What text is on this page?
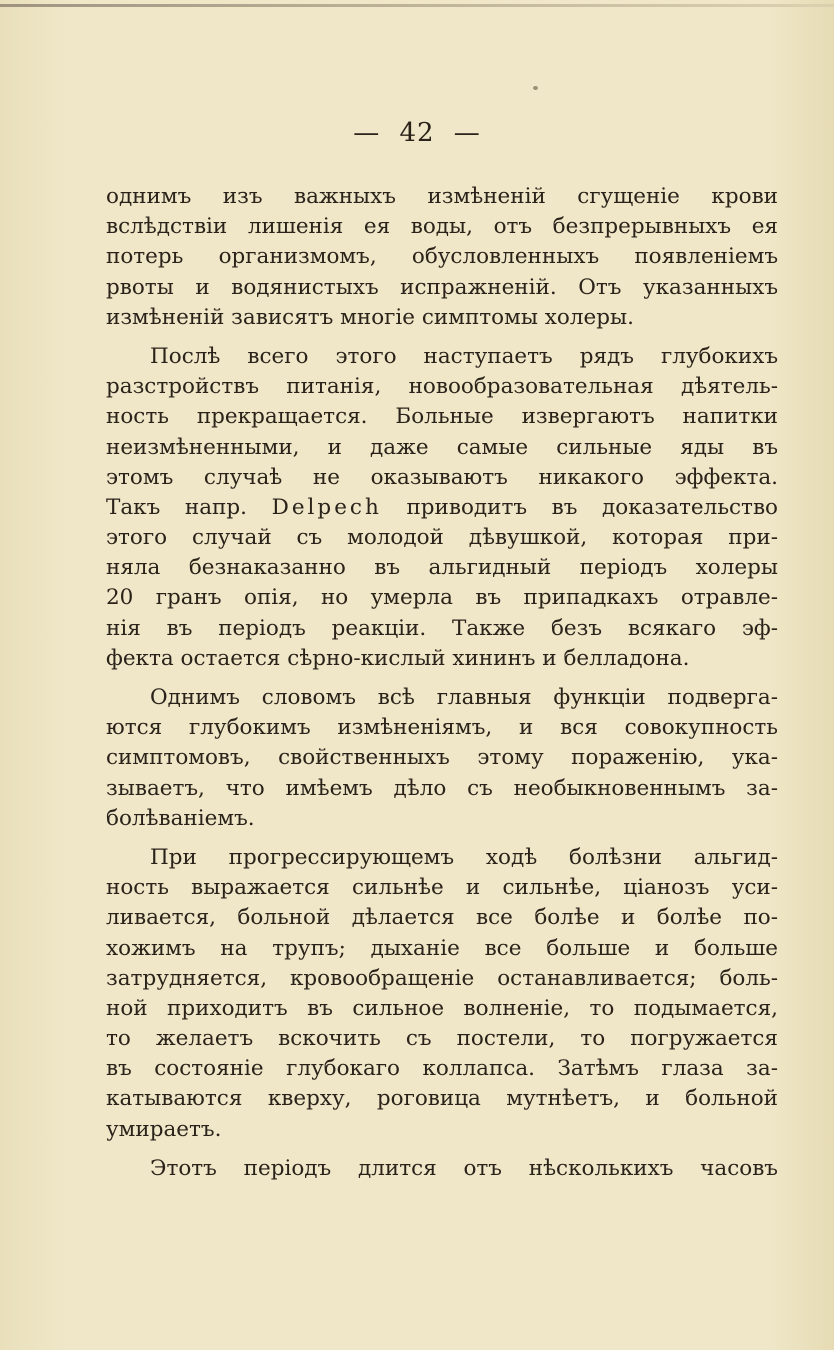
— 42 —
однимъ изъ важныхъ измѣненій сгущеніе крови
вслѣдствіи лишенія ея воды, отъ безпрерывныхъ ея
потерь организмомъ, обусловленныхъ появленіемъ
рвоты и водянистыхъ испражненій. Отъ указанныхъ
измѣненій зависятъ многіе симптомы холеры.
Послѣ всего этого наступаетъ рядъ глубокихъ
разстройствъ питанія, новообразовательная дѣятель-
ность прекращается. Больные извергаютъ напитки
неизмѣненными, и даже самые сильные яды въ
этомъ случаѣ не оказываютъ никакого эффекта.
Такъ напр. Delpech приводитъ въ доказательство
этого случай съ молодой дѣвушкой, которая при-
няла безнаказанно въ альгидный періодъ холеры
20 гранъ опія, но умерла въ припадкахъ отравле-
нія въ періодъ реакціи. Также безъ всякаго эф-
фекта остается сѣрно-кислый хининъ и белладона.
Однимъ словомъ всѣ главныя функціи подверга-
ются глубокимъ измѣненіямъ, и вся совокупность
симптомовъ, свойственныхъ этому пораженію, ука-
зываетъ, что имѣемъ дѣло съ необыкновеннымъ за-
болѣваніемъ.
При прогрессирующемъ ходѣ болѣзни альгид-
ность выражается сильнѣе и сильнѣе, ціанозъ уси-
ливается, больной дѣлается все болѣе и болѣе по-
хожимъ на трупъ; дыханіе все больше и больше
затрудняется, кровообращеніе останавливается; боль-
ной приходитъ въ сильное волненіе, то подымается,
то желаетъ вскочить съ постели, то погружается
въ состояніе глубокаго коллапса. Затѣмъ глаза за-
катываются кверху, роговица мутнѣетъ, и больной
умираетъ.
Этотъ періодъ длится отъ нѣсколькихъ часовъ
